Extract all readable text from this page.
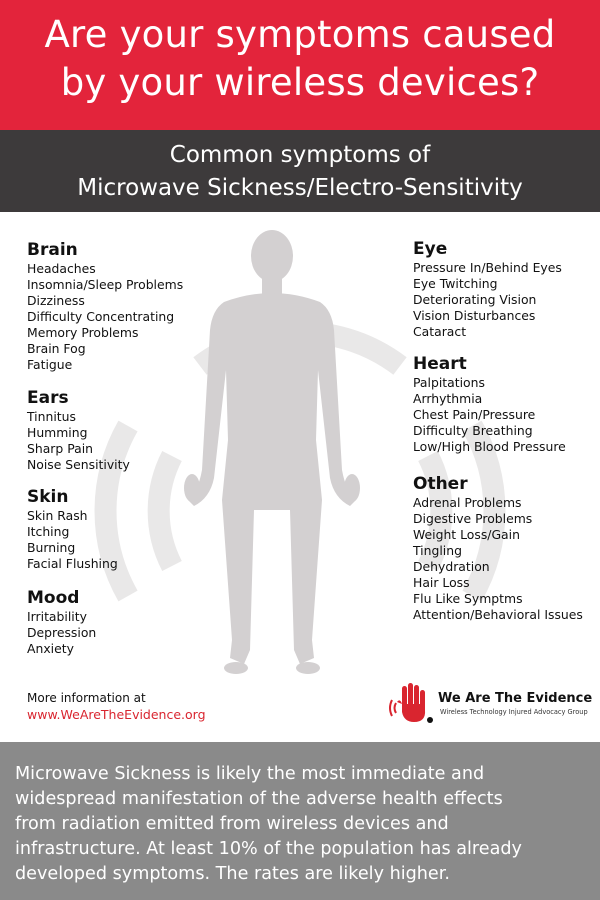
Are your symptoms caused
by your wireless devices?
Common symptoms of
Microwave Sickness/Electro-Sensitivity
Brain
Headaches
Insomnia/Sleep Problems
Dizziness
Difficulty Concentrating
Memory Problems
Brain Fog
Fatigue
Ears
Tinnitus
Humming
Sharp Pain
Noise Sensitivity
Skin
Skin Rash
Itching
Burning
Facial Flushing
Mood
Irritability
Depression
Anxiety
Eye
Pressure In/Behind Eyes
Eye Twitching
Deteriorating Vision
Vision Disturbances
Cataract
Heart
Palpitations
Arrhythmia
Chest Pain/Pressure
Difficulty Breathing
Low/High Blood Pressure
Other
Adrenal Problems
Digestive Problems
Weight Loss/Gain
Tingling
Dehydration
Hair Loss
Flu Like Symptms
Attention/Behavioral Issues
More information at
www.WeAreTheEvidence.org
We Are The Evidence
Wireless Technology Injured Advocacy Group
Microwave Sickness is likely the most immediate and
widespread manifestation of the adverse health effects
from radiation emitted from wireless devices and
infrastructure. At least 10% of the population has already
developed symptoms. The rates are likely higher.
